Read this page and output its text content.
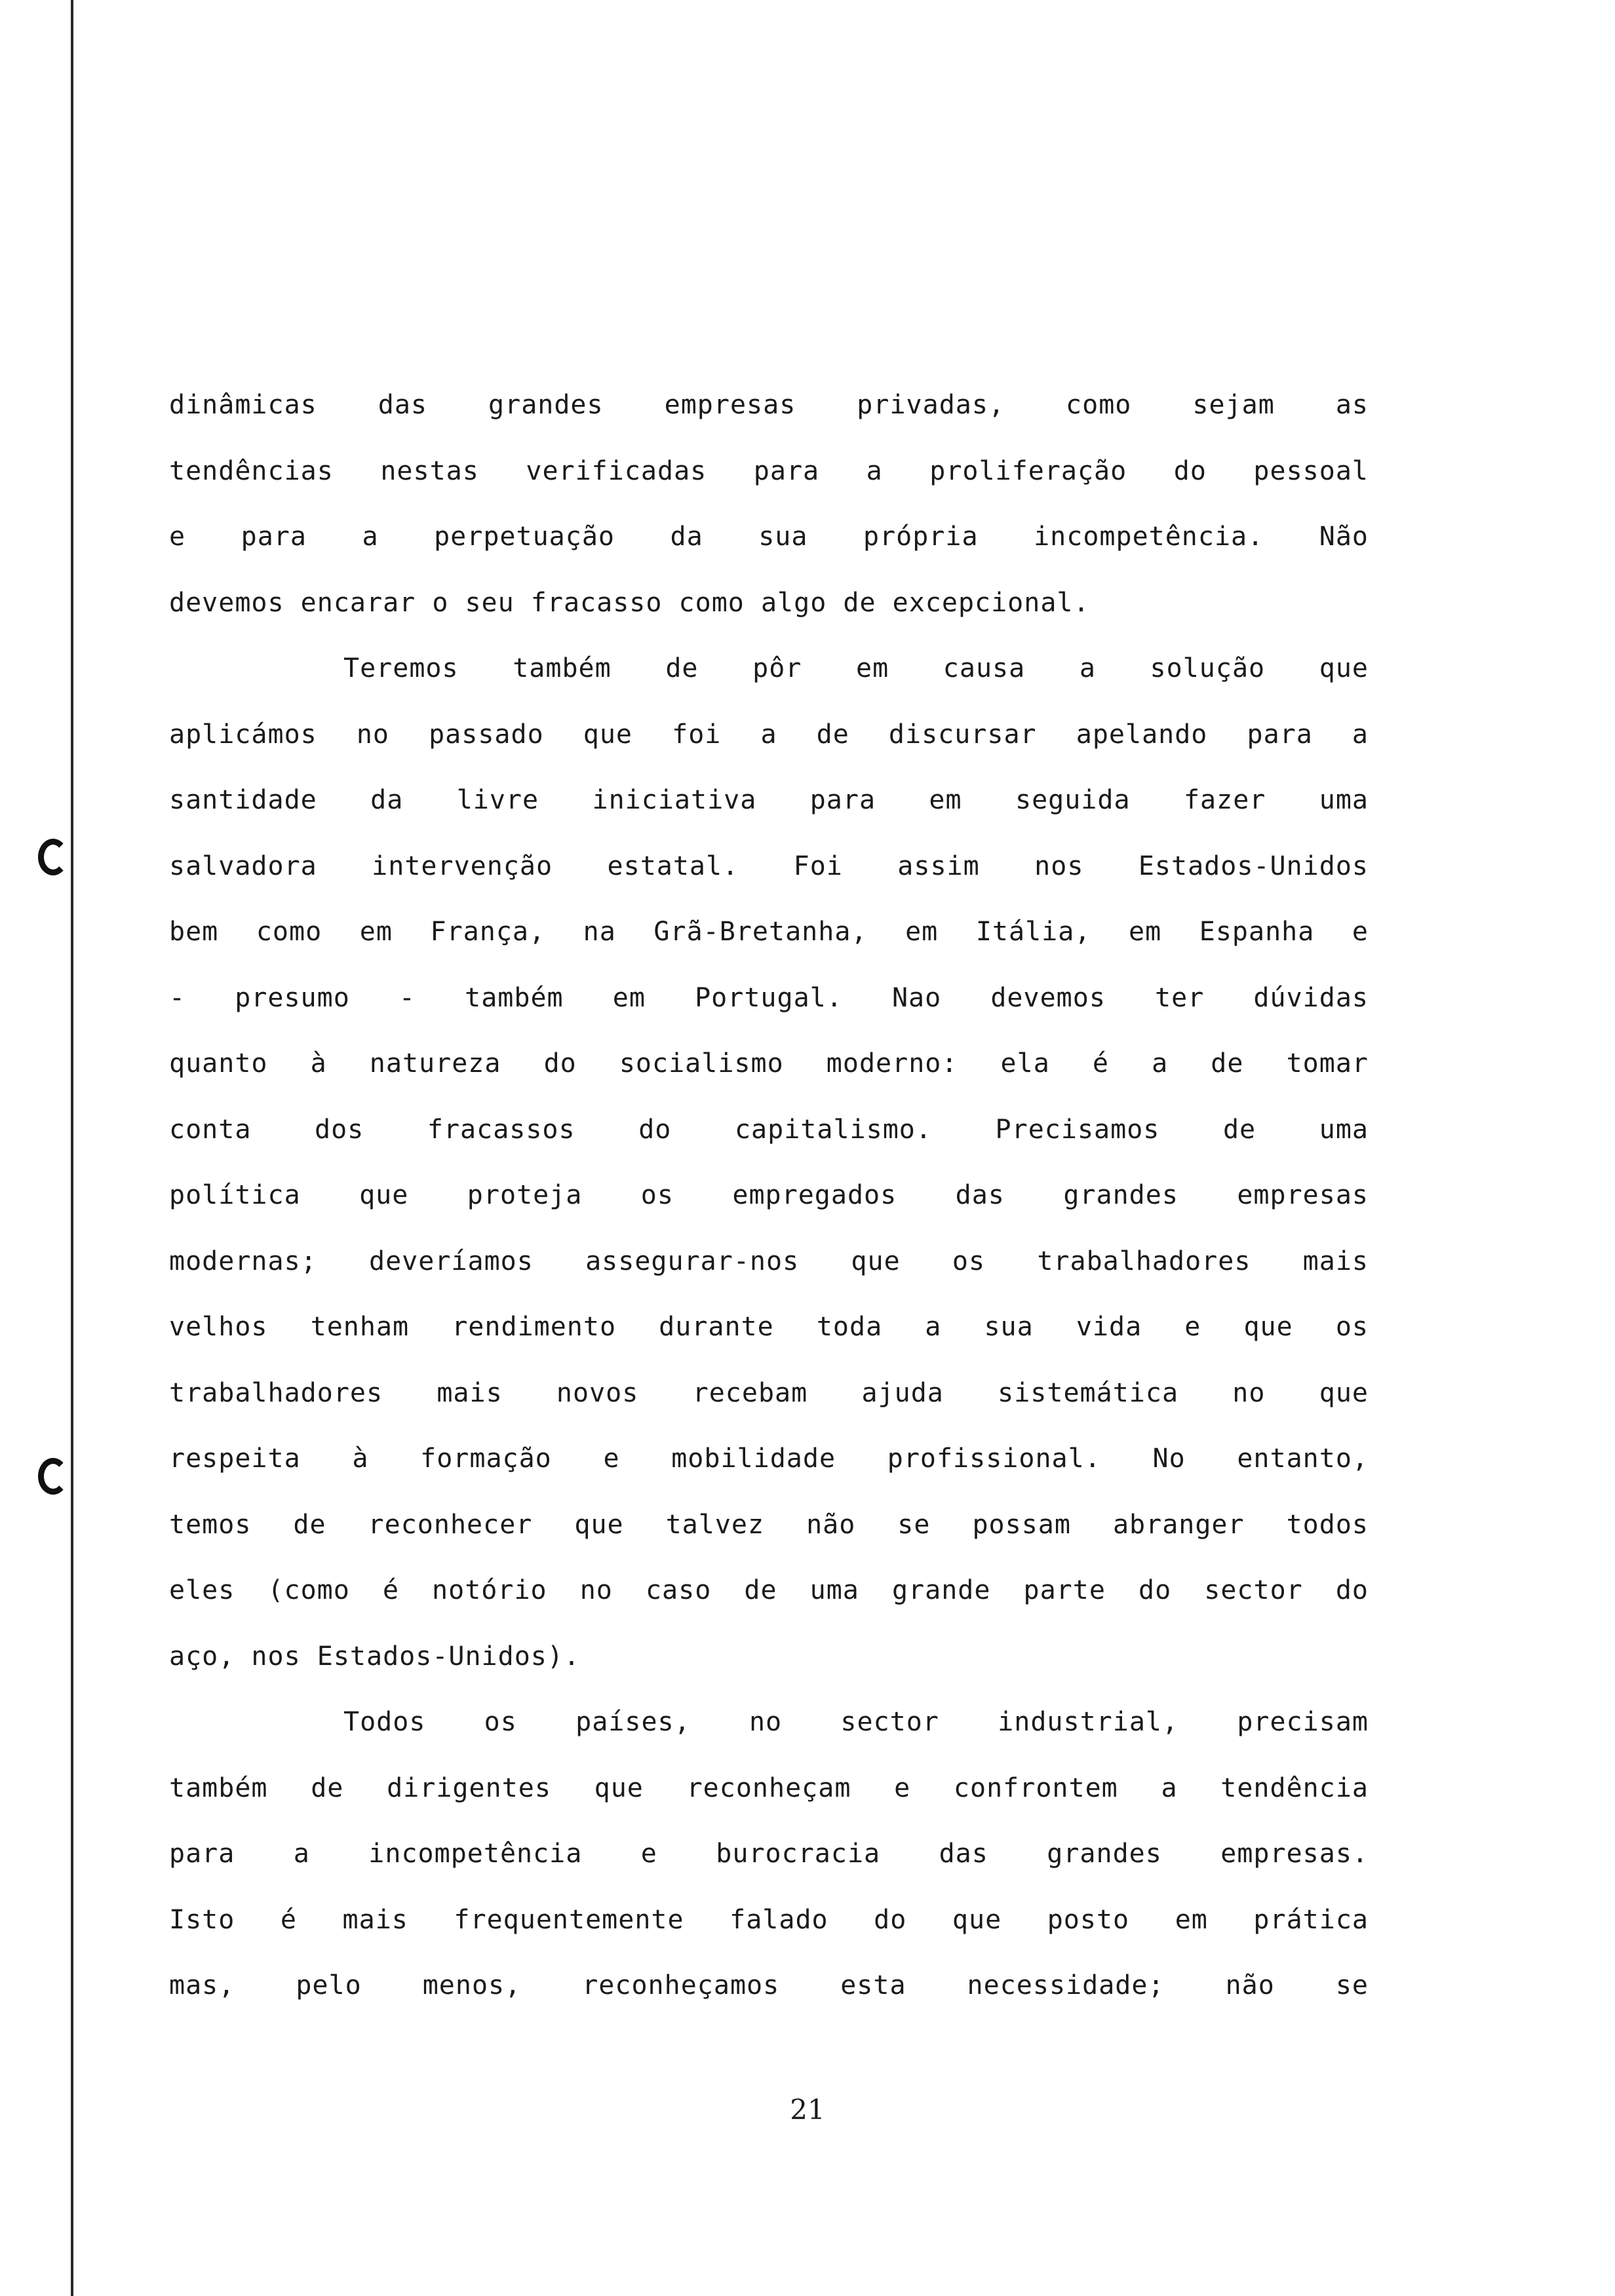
dinâmicas das grandes empresas privadas, como sejam as
tendências nestas verificadas para a proliferação do pessoal
e para a perpetuação da sua própria incompetência. Não
devemos encarar o seu fracasso como algo de excepcional.
Teremos também de pôr em causa a solução que
aplicámos no passado que foi a de discursar apelando para a
santidade da livre iniciativa para em seguida fazer uma
salvadora intervenção estatal. Foi assim nos Estados-Unidos
bem como em França, na Grã-Bretanha, em Itália, em Espanha e
- presumo - também em Portugal. Nao devemos ter dúvidas
quanto à natureza do socialismo moderno: ela é a de tomar
conta dos fracassos do capitalismo. Precisamos de uma
política que proteja os empregados das grandes empresas
modernas; deveríamos assegurar-nos que os trabalhadores mais
velhos tenham rendimento durante toda a sua vida e que os
trabalhadores mais novos recebam ajuda sistemática no que
respeita à formação e mobilidade profissional. No entanto,
temos de reconhecer que talvez não se possam abranger todos
eles (como é notório no caso de uma grande parte do sector do
aço, nos Estados-Unidos).
Todos os países, no sector industrial, precisam
também de dirigentes que reconheçam e confrontem a tendência
para a incompetência e burocracia das grandes empresas.
Isto é mais frequentemente falado do que posto em prática
mas, pelo menos, reconheçamos esta necessidade; não se
21
